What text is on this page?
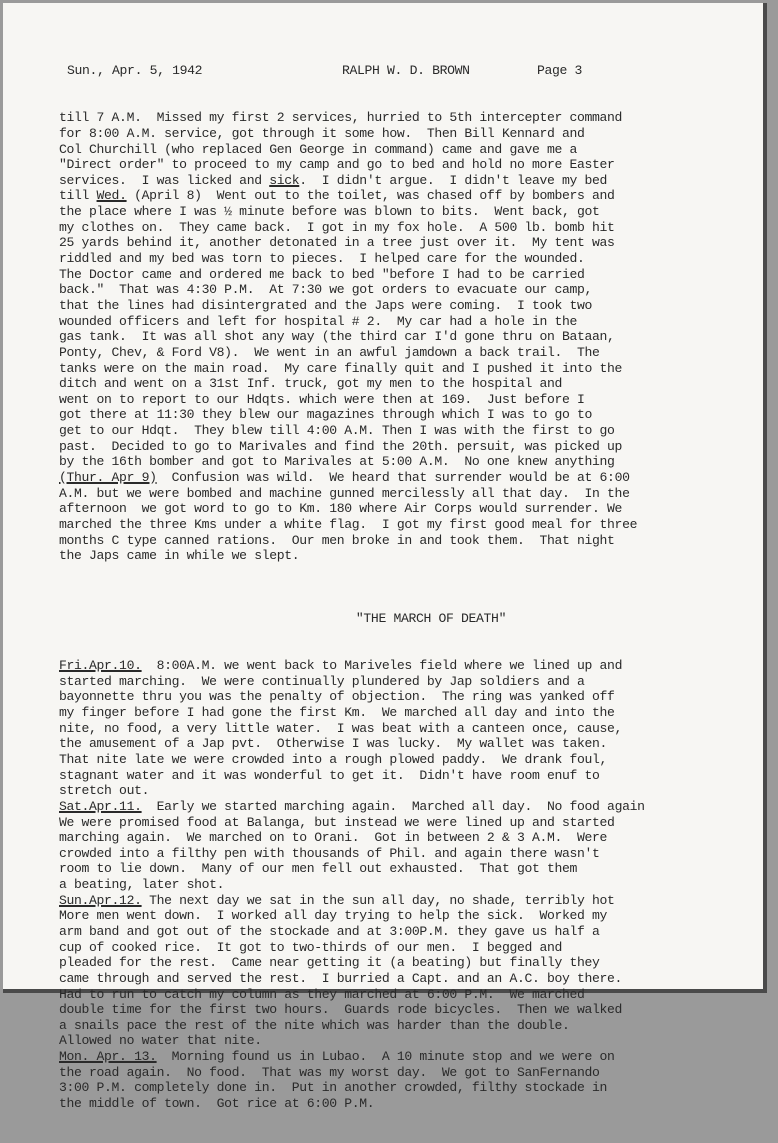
Sun., Apr. 5, 1942

	RALPH W. D. BROWN

	Page 3

till 7 A.M.  Missed my first 2 services, hurried to 5th intercepter command
for 8:00 A.M. service, got through it some how.  Then Bill Kennard and
Col Churchill (who replaced Gen George in command) came and gave me a
"Direct order" to proceed to my camp and go to bed and hold no more Easter
services.  I was licked and sick.  I didn't argue.  I didn't leave my bed
till Wed. (April 8)  Went out to the toilet, was chased off by bombers and
the place where I was ½ minute before was blown to bits.  Went back, got
my clothes on.  They came back.  I got in my fox hole.  A 500 lb. bomb hit
25 yards behind it, another detonated in a tree just over it.  My tent was
riddled and my bed was torn to pieces.  I helped care for the wounded.
The Doctor came and ordered me back to bed "before I had to be carried
back."  That was 4:30 P.M.  At 7:30 we got orders to evacuate our camp,
that the lines had disintergrated and the Japs were coming.  I took two
wounded officers and left for hospital # 2.  My car had a hole in the
gas tank.  It was all shot any way (the third car I'd gone thru on Bataan,
Ponty, Chev, & Ford V8).  We went in an awful jamdown a back trail.  The
tanks were on the main road.  My care finally quit and I pushed it into the
ditch and went on a 31st Inf. truck, got my men to the hospital and
went on to report to our Hdqts. which were then at 169.  Just before I
got there at 11:30 they blew our magazines through which I was to go to
get to our Hdqt.  They blew till 4:00 A.M. Then I was with the first to go
past.  Decided to go to Marivales and find the 20th. persuit, was picked up
by the 16th bomber and got to Marivales at 5:00 A.M.  No one knew anything
(Thur. Apr 9)  Confusion was wild.  We heard that surrender would be at 6:00
A.M. but we were bombed and machine gunned mercilessly all that day.  In the
afternoon  we got word to go to Km. 180 where Air Corps would surrender. We
marched the three Kms under a white flag.  I got my first good meal for three
months C type canned rations.  Our men broke in and took them.  That night
the Japs came in while we slept.

"THE MARCH OF DEATH"

Fri.Apr.10.  8:00A.M. we went back to Mariveles field where we lined up and
started marching.  We were continually plundered by Jap soldiers and a
bayonnette thru you was the penalty of objection.  The ring was yanked off
my finger before I had gone the first Km.  We marched all day and into the
nite, no food, a very little water.  I was beat with a canteen once, cause,
the amusement of a Jap pvt.  Otherwise I was lucky.  My wallet was taken.
That nite late we were crowded into a rough plowed paddy.  We drank foul,
stagnant water and it was wonderful to get it.  Didn't have room enuf to
stretch out.
Sat.Apr.11.  Early we started marching again.  Marched all day.  No food again
We were promised food at Balanga, but instead we were lined up and started
marching again.  We marched on to Orani.  Got in between 2 & 3 A.M.  Were
crowded into a filthy pen with thousands of Phil. and again there wasn't
room to lie down.  Many of our men fell out exhausted.  That got them
a beating, later shot.
Sun.Apr.12. The next day we sat in the sun all day, no shade, terribly hot
More men went down.  I worked all day trying to help the sick.  Worked my
arm band and got out of the stockade and at 3:00P.M. they gave us half a
cup of cooked rice.  It got to two-thirds of our men.  I begged and
pleaded for the rest.  Came near getting it (a beating) but finally they
came through and served the rest.  I burried a Capt. and an A.C. boy there.
Had to run to catch my column as they marched at 6:00 P.M.  We marched
double time for the first two hours.  Guards rode bicycles.  Then we walked
a snails pace the rest of the nite which was harder than the double.
Allowed no water that nite.
Mon. Apr. 13.  Morning found us in Lubao.  A 10 minute stop and we were on
the road again.  No food.  That was my worst day.  We got to SanFernando
3:00 P.M. completely done in.  Put in another crowded, filthy stockade in
the middle of town.  Got rice at 6:00 P.M.
